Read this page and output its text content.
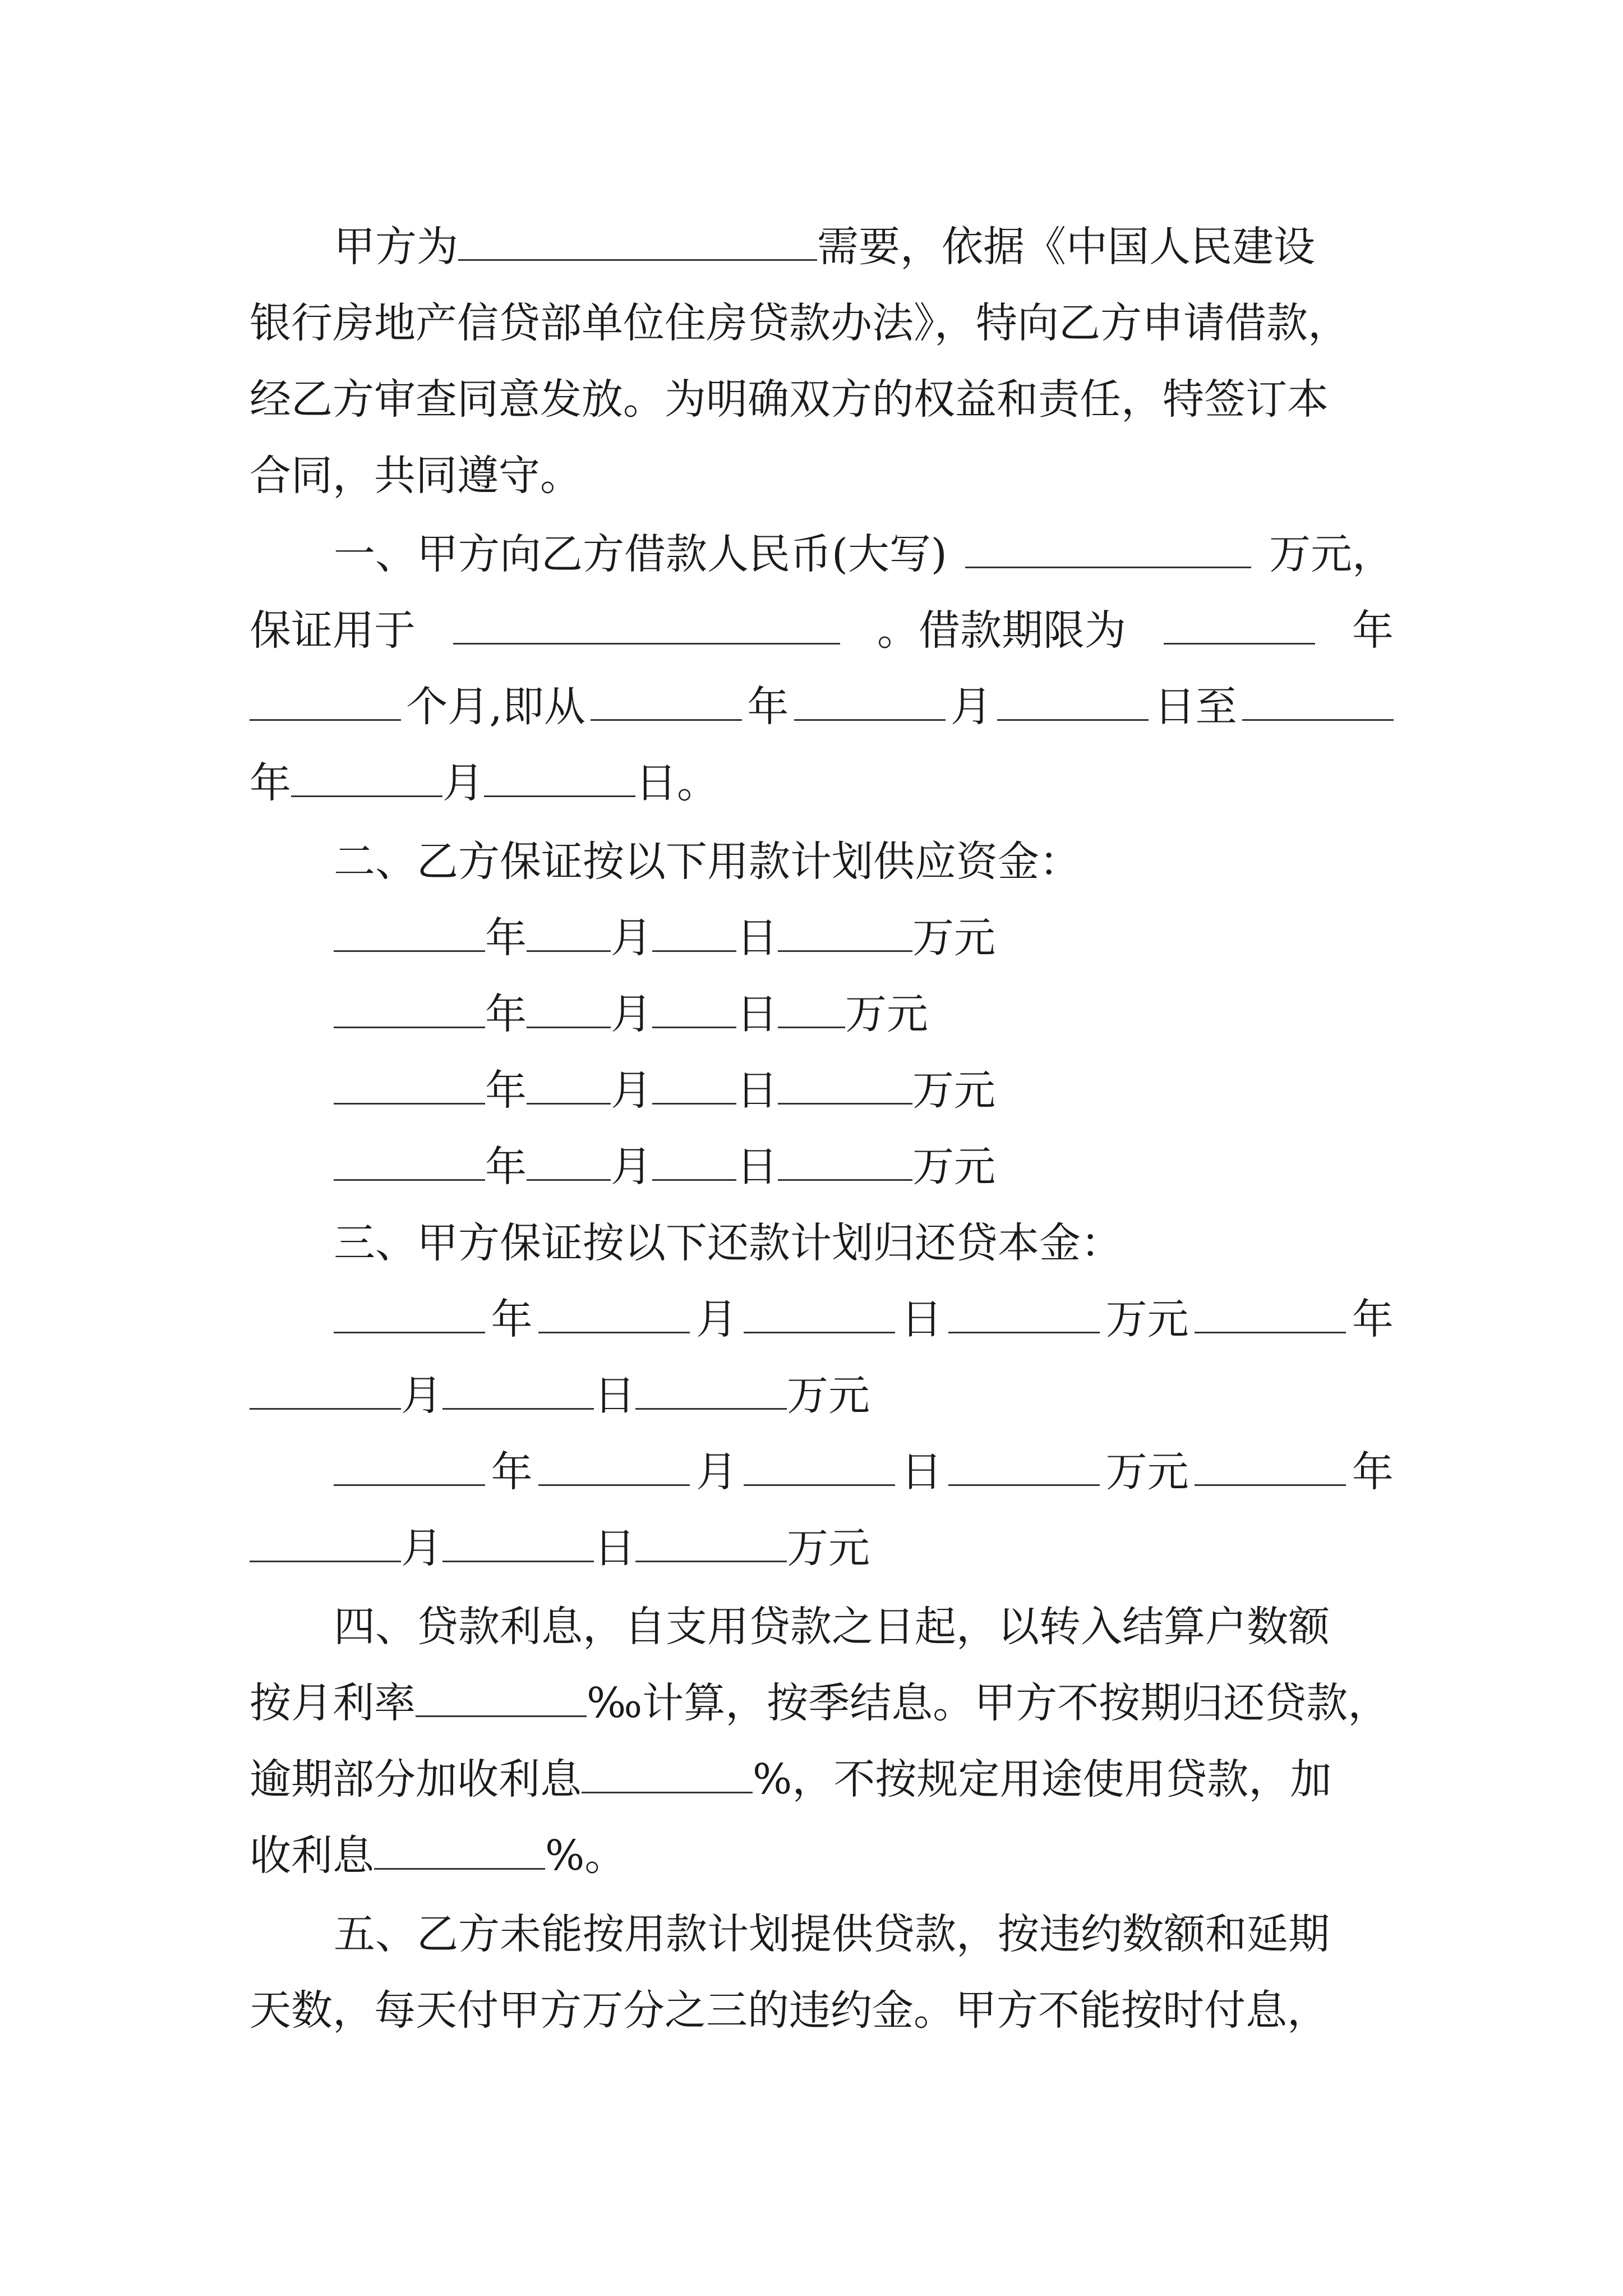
甲方为	需要，依据《中国人民建设
银行房地产信贷部单位住房贷款办法》，特向乙方申请借款，
经乙方审查同意发放。为明确双方的权益和责任，特签订本
合同，共同遵守。
一、甲方向乙方借款人民币(大写)	万元，
保证用于	。借款期限为	年
个月,即从	年	月	日至
年	月	日。
二、乙方保证按以下用款计划供应资金：
年 月 日	万元
年 月 日 万元
年 月 日	万元
年 月 日	万元
三、甲方保证按以下还款计划归还贷本金：
年	月	日	万元	年
月	日	万元
年	月	日	万元	年
月	日	万元
四、贷款利息，自支用贷款之日起，以转入结算户数额
按月利率	‰计算，按季结息。甲方不按期归还贷款，
逾期部分加收利息	%，不按规定用途使用贷款，加
收利息	%。
五、乙方未能按用款计划提供贷款，按违约数额和延期
天数，每天付甲方万分之三的违约金。甲方不能按时付息，
